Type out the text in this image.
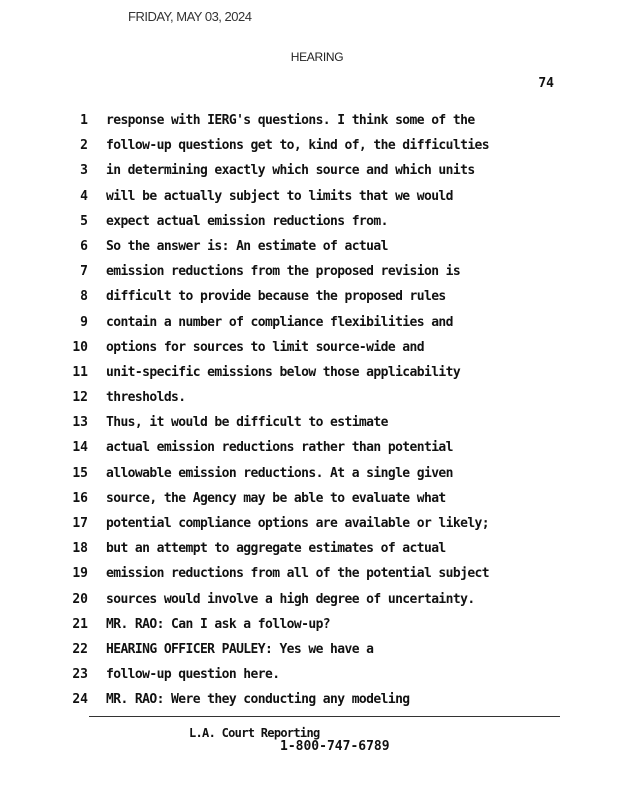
FRIDAY, MAY 03, 2024
HEARING
74
1 response with IERG's questions. I think some of the
2 follow-up questions get to, kind of, the difficulties
3 in determining exactly which source and which units
4 will be actually subject to limits that we would
5 expect actual emission reductions from.
6 So the answer is: An estimate of actual
7 emission reductions from the proposed revision is
8 difficult to provide because the proposed rules
9 contain a number of compliance flexibilities and
10 options for sources to limit source-wide and
11 unit-specific emissions below those applicability
12 thresholds.
13 Thus, it would be difficult to estimate
14 actual emission reductions rather than potential
15 allowable emission reductions. At a single given
16 source, the Agency may be able to evaluate what
17 potential compliance options are available or likely;
18 but an attempt to aggregate estimates of actual
19 emission reductions from all of the potential subject
20 sources would involve a high degree of uncertainty.
21 MR. RAO: Can I ask a follow-up?
22 HEARING OFFICER PAULEY: Yes we have a
23 follow-up question here.
24 MR. RAO: Were they conducting any modeling
L.A. Court Reporting
1-800-747-6789
